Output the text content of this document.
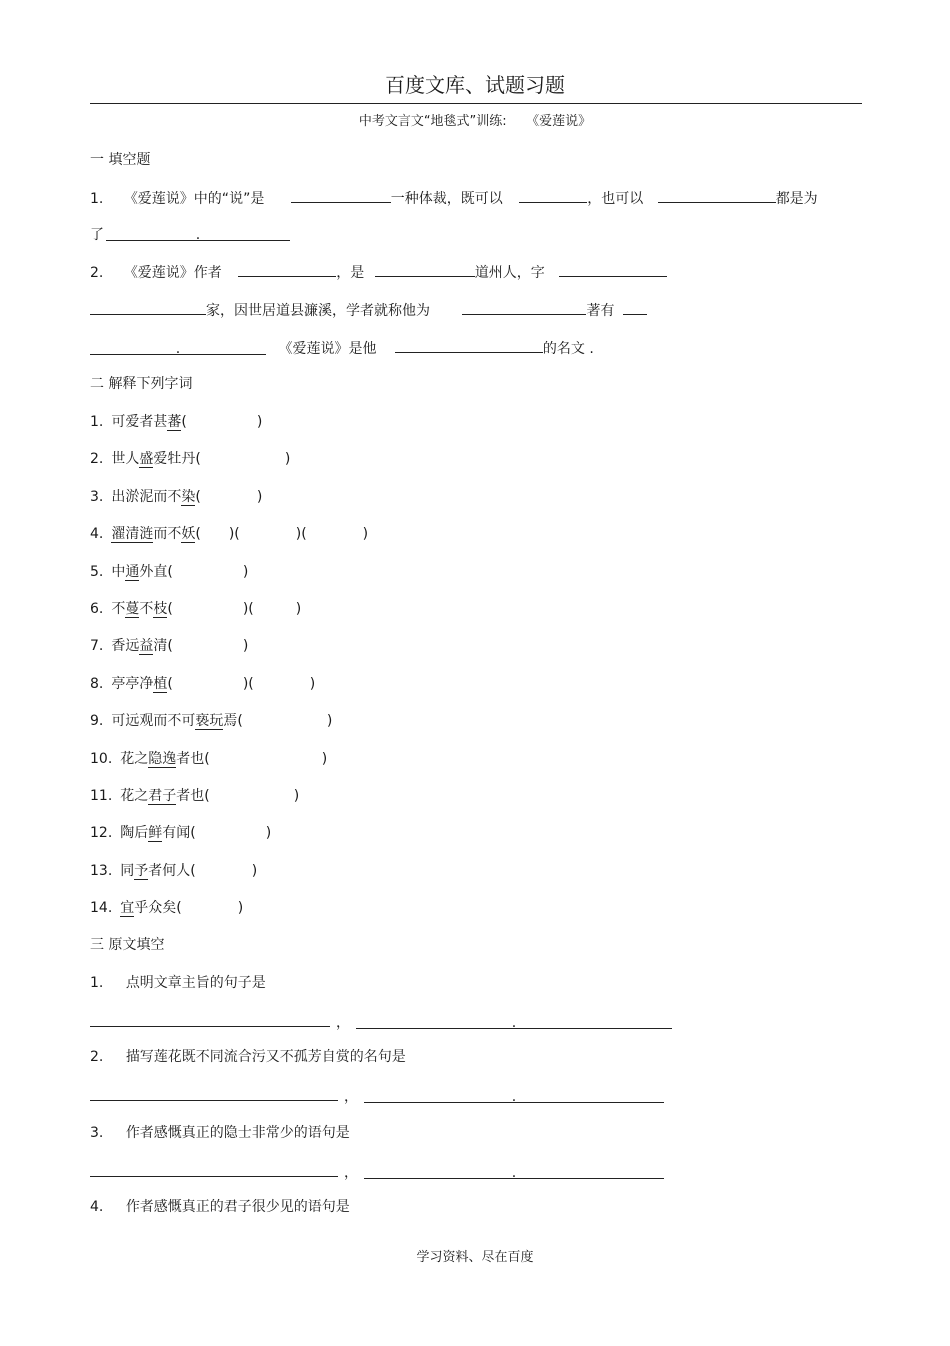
百度文库、试题习题
中考文言文“地毯式”训练:　　《爱莲说》
一 填空题
1. 《爱莲说》中的“说”是	一种体裁，既可以	，也可以	都是为
了	.
2. 《爱莲说》作者	，是	道州人，字
家，因世居道县濂溪，学者就称他为	著有
.	《爱莲说》是他	的名文 .
二 解释下列字词
1. 可爱者甚蕃(　　　　　)
2. 世人盛爱牡丹(　　　　　　)
3. 出淤泥而不染(　　　　)
4. 濯清涟而不妖(　　)(　　　　)(　　　　)
5. 中通外直(　　　　　)
6. 不蔓不枝(　　　　　)(　　　)
7. 香远益清(　　　　　)
8. 亭亭净植(　　　　　)(　　　　)
9. 可远观而不可亵玩焉(　　　　　　)
10. 花之隐逸者也(　　　　　　　　)
11. 花之君子者也(　　　　　　)
12. 陶后鲜有闻(　　　　　)
13. 同予者何人(　　　　)
14. 宜乎众矣(　　　　)
三 原文填空
1. 点明文章主旨的句子是
，	.
2. 描写莲花既不同流合污又不孤芳自赏的名句是
，	.
3. 作者感慨真正的隐士非常少的语句是
，	.
4. 作者感慨真正的君子很少见的语句是
学习资料、尽在百度
